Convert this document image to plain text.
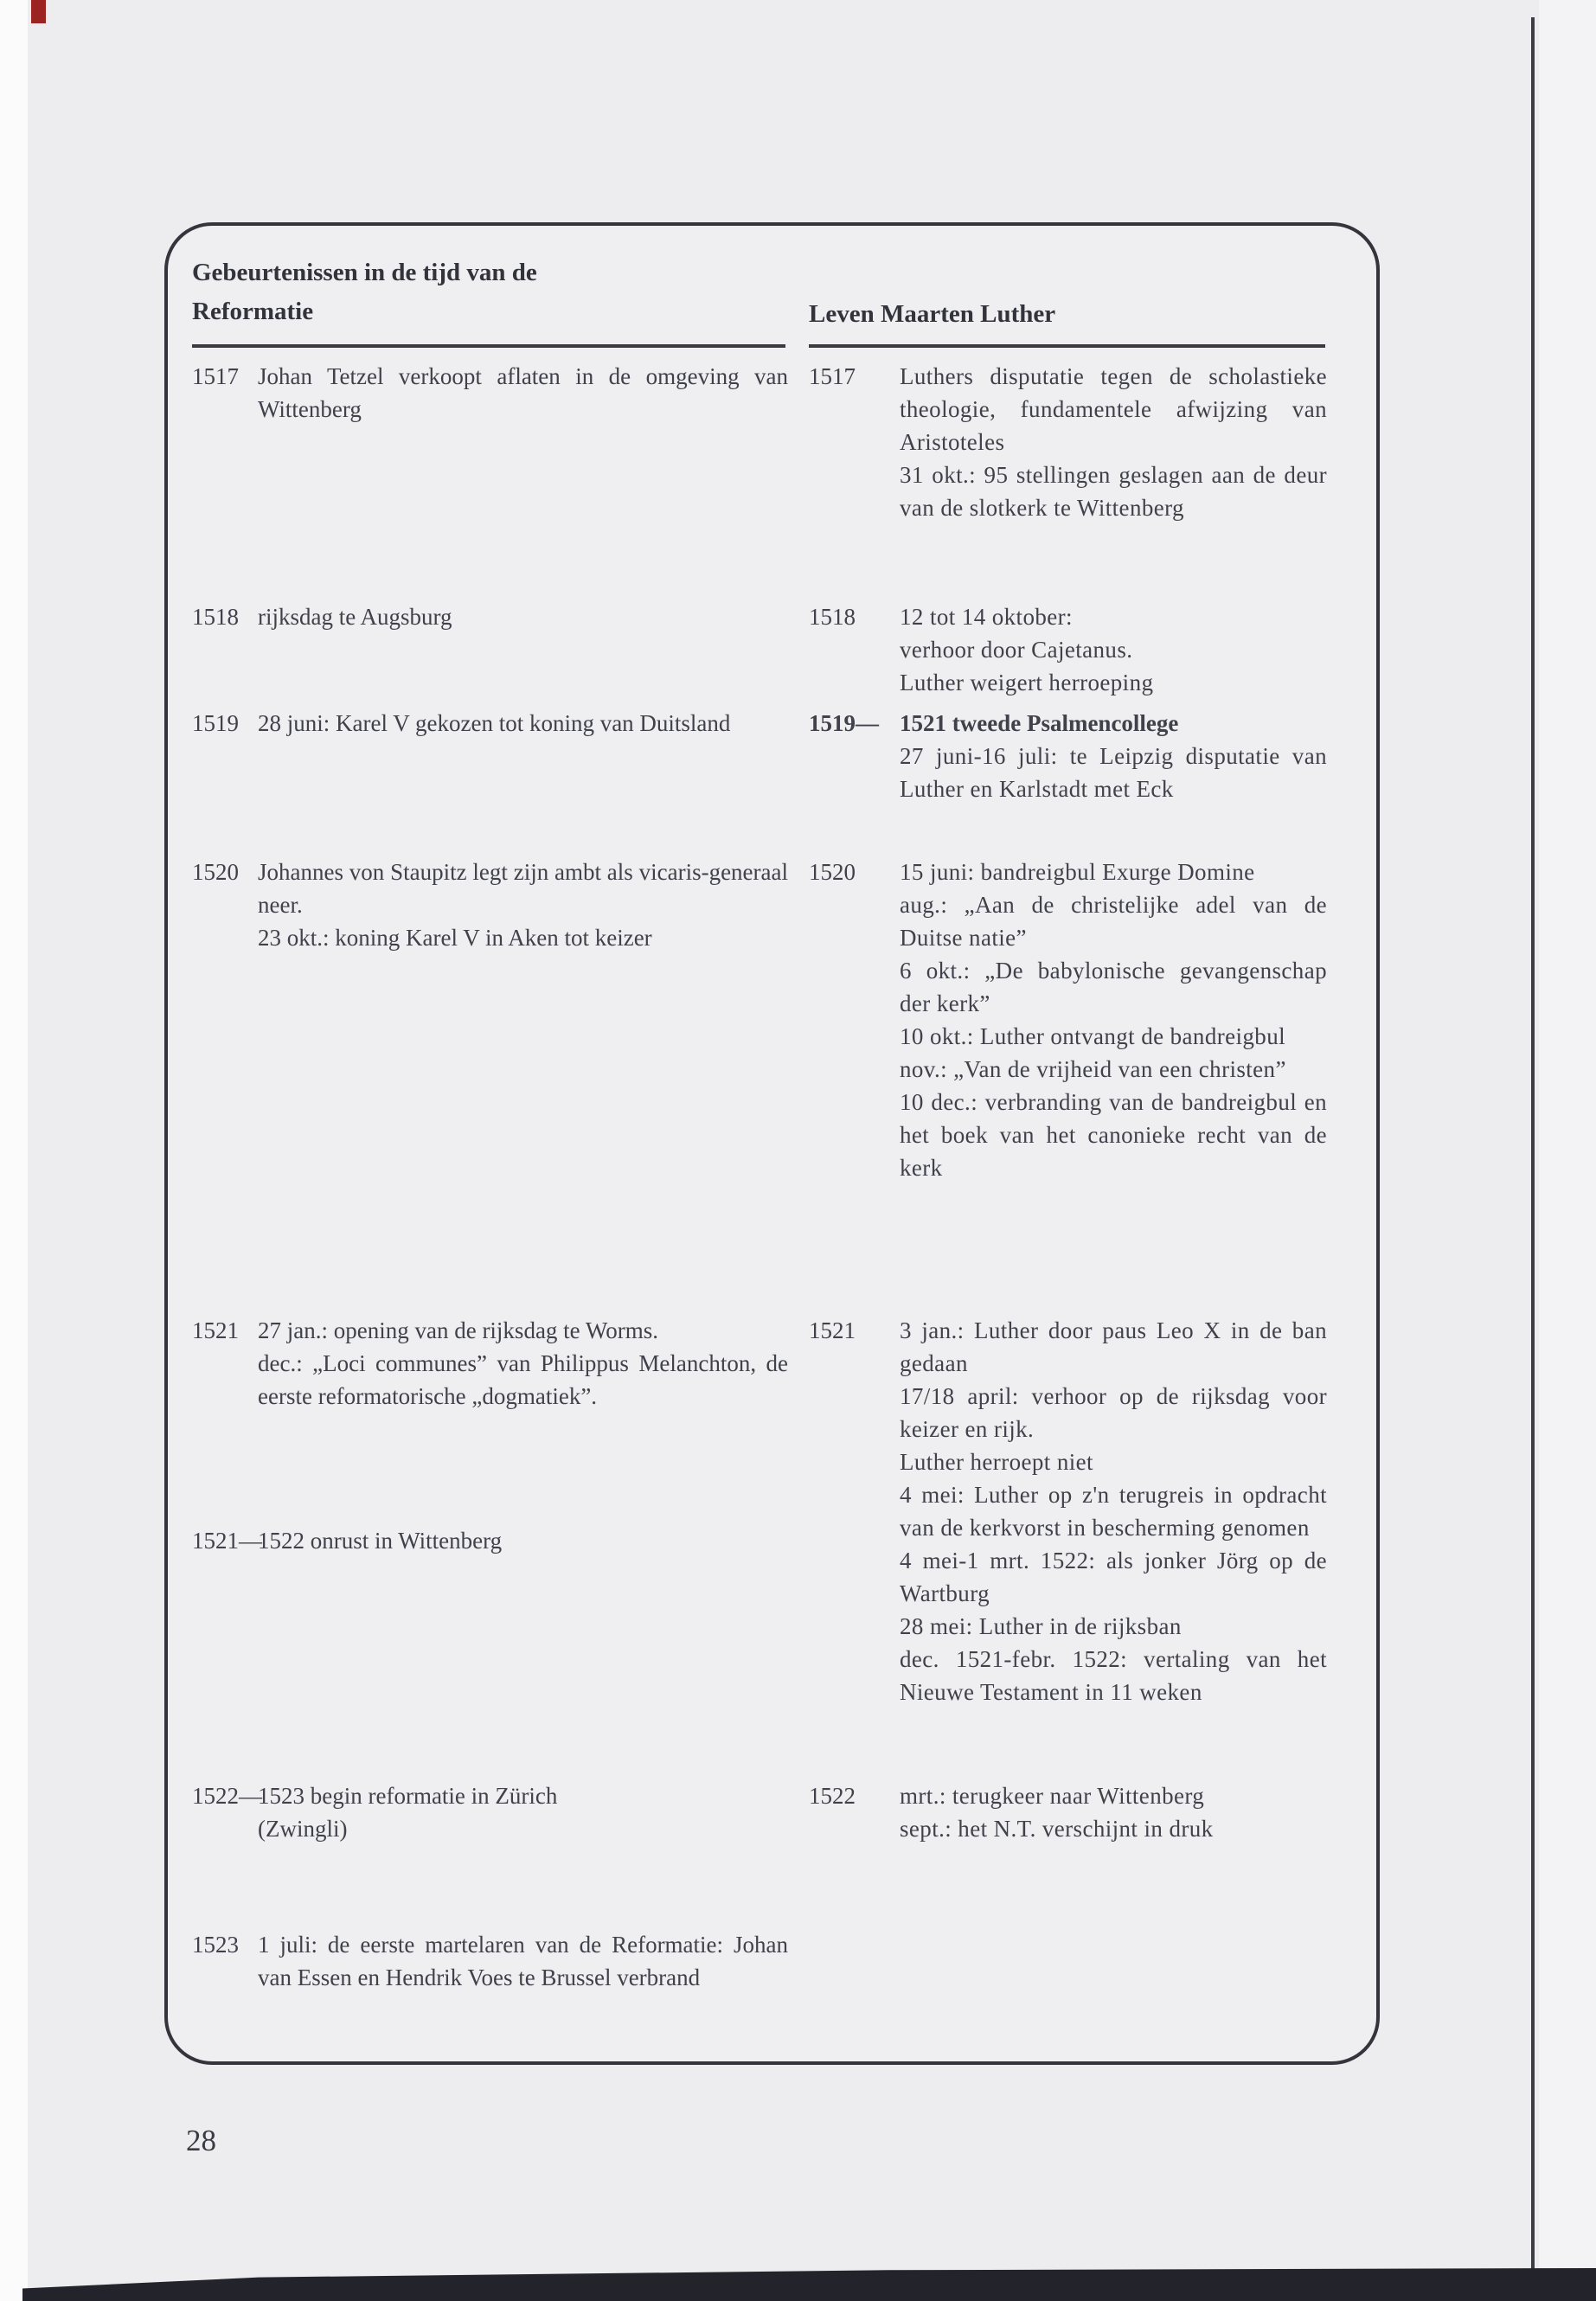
Gebeurtenissen in de tijd van de Reformatie	Leven Maarten Luther
1517 Johan Tetzel verkoopt aflaten in de omgeving van Wittenberg
1518 rijksdag te Augsburg
1519 28 juni: Karel V gekozen tot koning van Duitsland
1520 Johannes von Staupitz legt zijn ambt als vicaris-generaal neer.
23 okt.: koning Karel V in Aken tot keizer
1521 27 jan.: opening van de rijksdag te Worms.
dec.: „Loci communes” van Philippus Melanchton, de eerste reformatorische „dogmatiek”.
1521—
1522 onrust in Wittenberg
1522—
1523 begin reformatie in Zürich
(Zwingli)
1523 1 juli: de eerste martelaren van de Reformatie: Johan van Essen en Hendrik Voes te Brussel verbrand
1517 Luthers disputatie tegen de scholastieke theologie, fundamentele afwijzing van Aristoteles
31 okt.: 95 stellingen geslagen aan de deur van de slotkerk te Wittenberg
1518 12 tot 14 oktober:
verhoor door Cajetanus.
Luther weigert herroeping
1519— 1521 tweede Psalmencollege
27 juni-16 juli: te Leipzig disputatie van Luther en Karlstadt met Eck
1520 15 juni: bandreigbul Exurge Domine
aug.: „Aan de christelijke adel van de Duitse natie”
6 okt.: „De babylonische gevangenschap der kerk”
10 okt.: Luther ontvangt de bandreigbul
nov.: „Van de vrijheid van een christen”
10 dec.: verbranding van de bandreigbul en het boek van het canonieke recht van de kerk
1521 3 jan.: Luther door paus Leo X in de ban gedaan
17/18 april: verhoor op de rijksdag voor keizer en rijk.
Luther herroept niet
4 mei: Luther op z'n terugreis in opdracht van de kerkvorst in bescherming genomen
4 mei-1 mrt. 1522: als jonker Jörg op de Wartburg
28 mei: Luther in de rijksban
dec. 1521-febr. 1522: vertaling van het Nieuwe Testament in 11 weken
1522 mrt.: terugkeer naar Wittenberg
sept.: het N.T. verschijnt in druk
28
